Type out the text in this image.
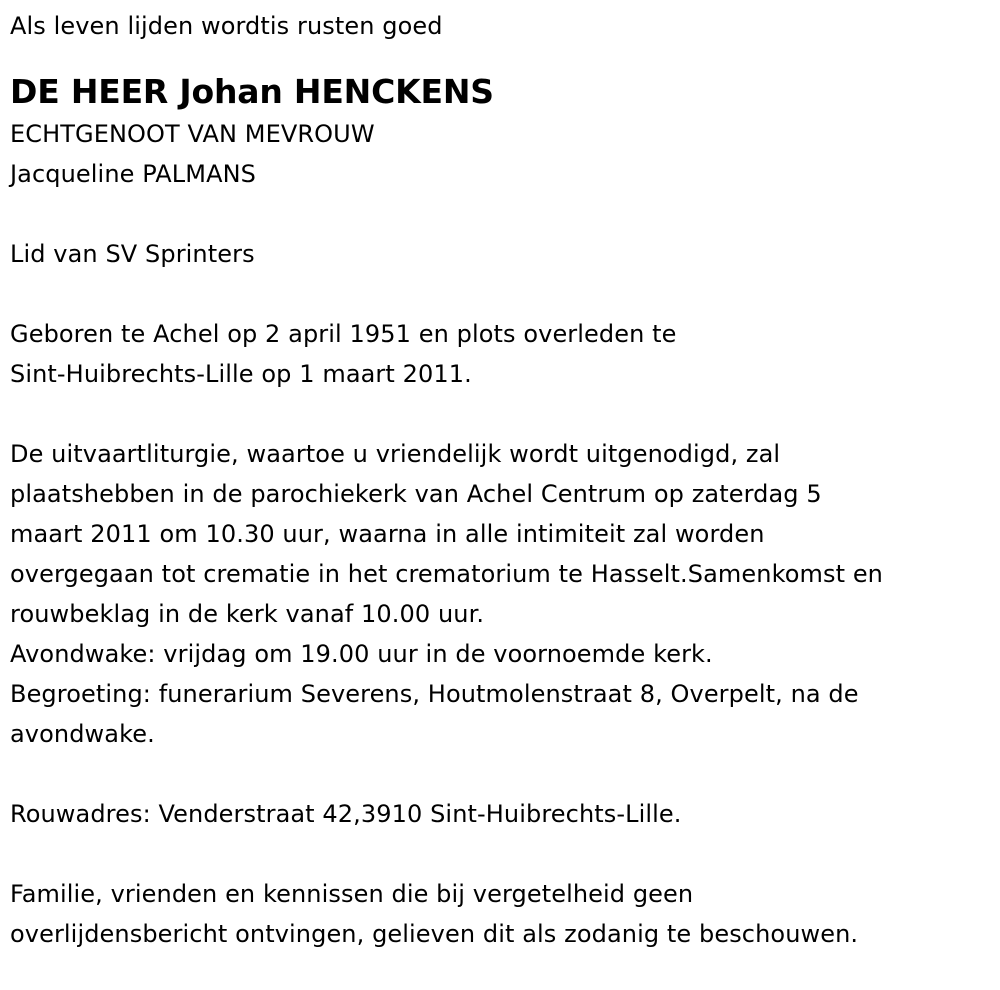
Als leven lijden wordtis rusten goed
DE HEER Johan HENCKENS
ECHTGENOOT VAN MEVROUW
Jacqueline PALMANS
Lid van SV Sprinters
Geboren te Achel op 2 april 1951 en plots overleden te
Sint-Huibrechts-Lille op 1 maart 2011.
De uitvaartliturgie, waartoe u vriendelijk wordt uitgenodigd, zal
plaatshebben in de parochiekerk van Achel Centrum op zaterdag 5
maart 2011 om 10.30 uur, waarna in alle intimiteit zal worden
overgegaan tot crematie in het crematorium te Hasselt.Samenkomst en
rouwbeklag in de kerk vanaf 10.00 uur.
Avondwake: vrijdag om 19.00 uur in de voornoemde kerk.
Begroeting: funerarium Severens, Houtmolenstraat 8, Overpelt, na de
avondwake.
Rouwadres: Venderstraat 42,3910 Sint-Huibrechts-Lille.
Familie, vrienden en kennissen die bij vergetelheid geen
overlijdensbericht ontvingen, gelieven dit als zodanig te beschouwen.
